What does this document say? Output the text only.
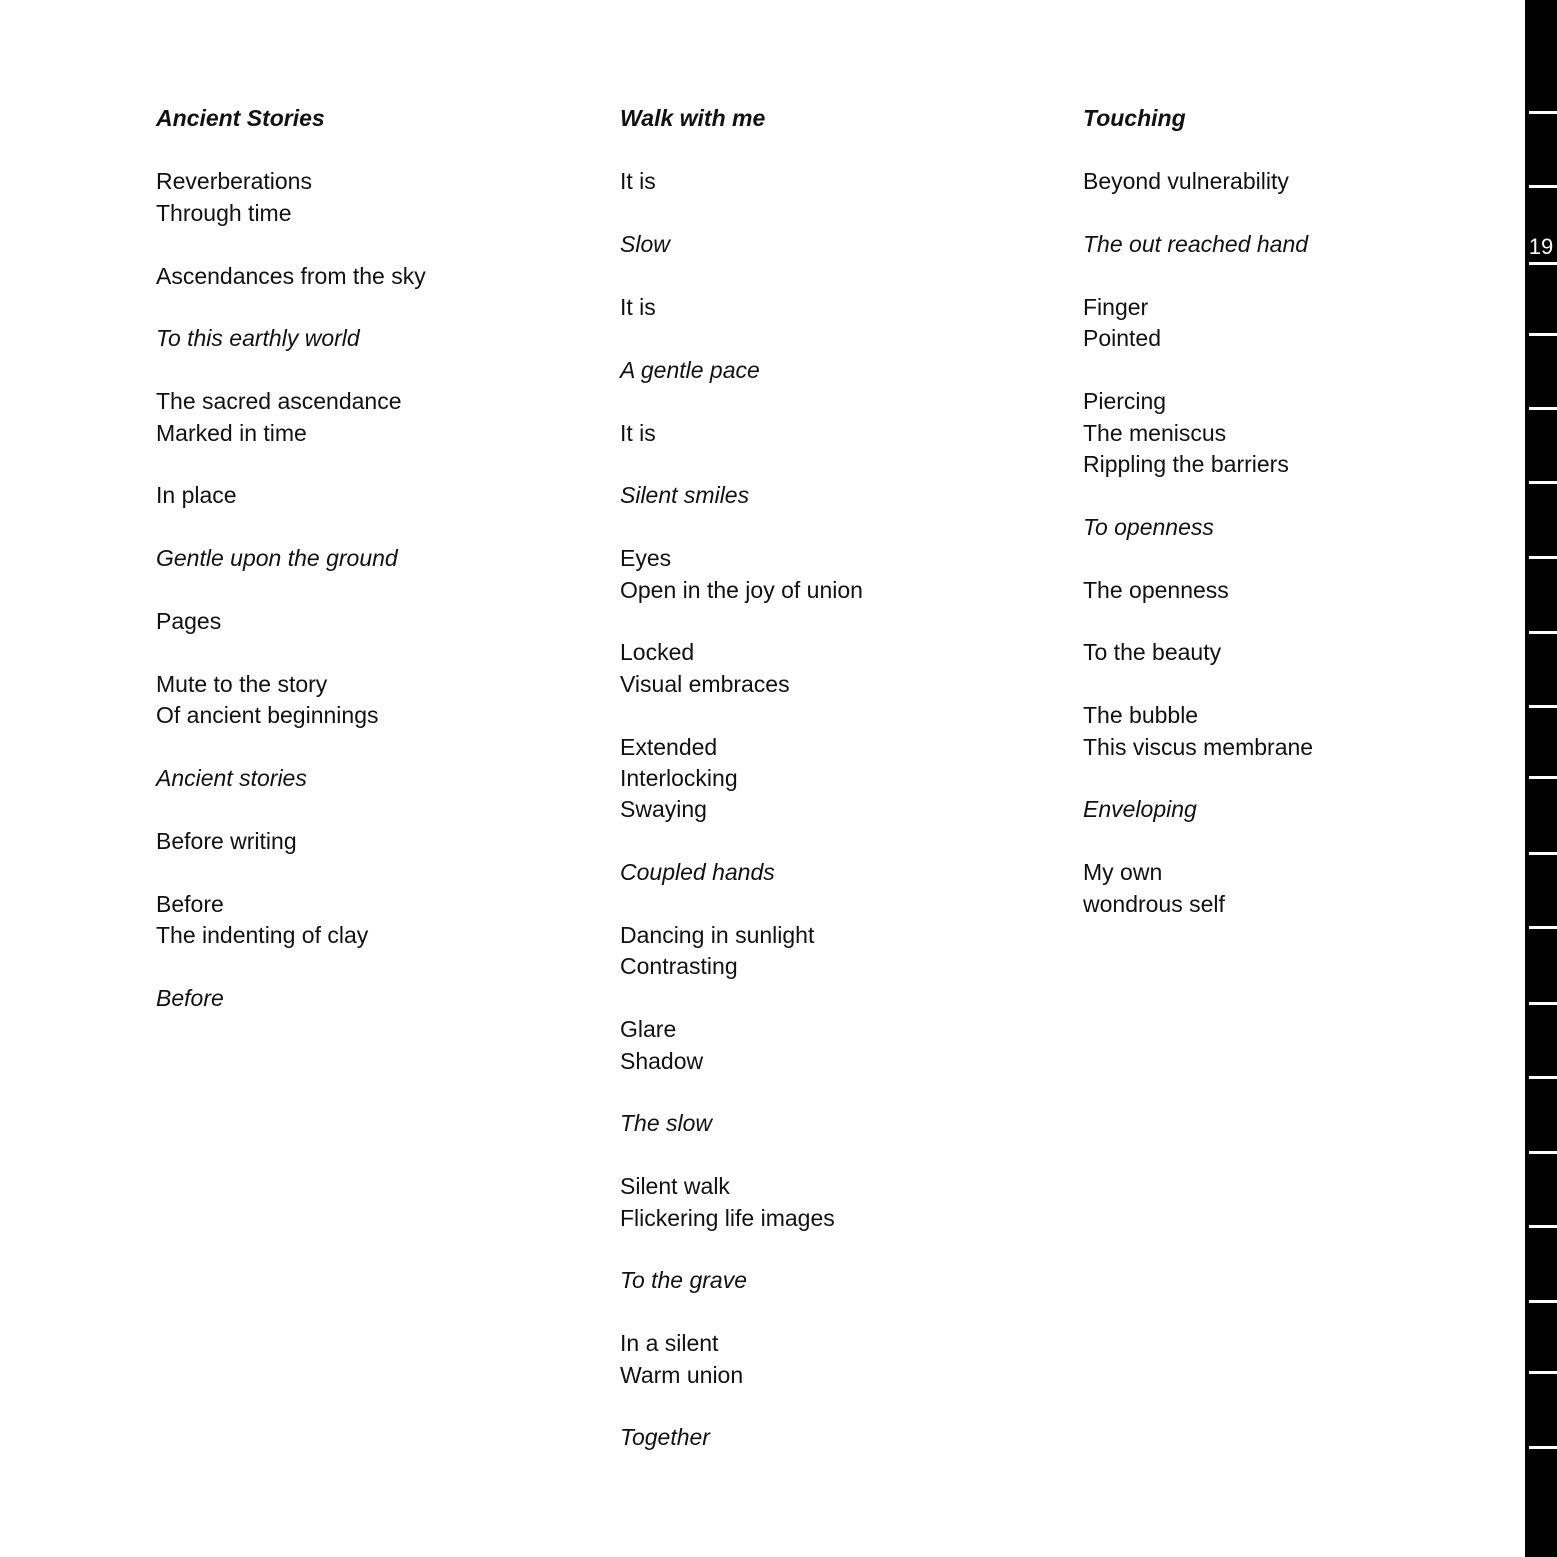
Ancient Stories
Reverberations
Through time
Ascendances from the sky
To this earthly world
The sacred ascendance
Marked in time
In place
Gentle upon the ground
Pages
Mute to the story
Of ancient beginnings
Ancient stories
Before writing
Before
The indenting of clay
Before
Walk with me
It is
Slow
It is
A gentle pace
It is
Silent smiles
Eyes
Open in the joy of union
Locked
Visual embraces
Extended
Interlocking
Swaying
Coupled hands
Dancing in sunlight
Contrasting
Glare
Shadow
The slow
Silent walk
Flickering life images
To the grave
In a silent
Warm union
Together
Touching
Beyond vulnerability
The out reached hand
Finger
Pointed
Piercing
The meniscus
Rippling the barriers
To openness
The openness
To the beauty
The bubble
This viscus membrane
Enveloping
My own
wondrous self
19
